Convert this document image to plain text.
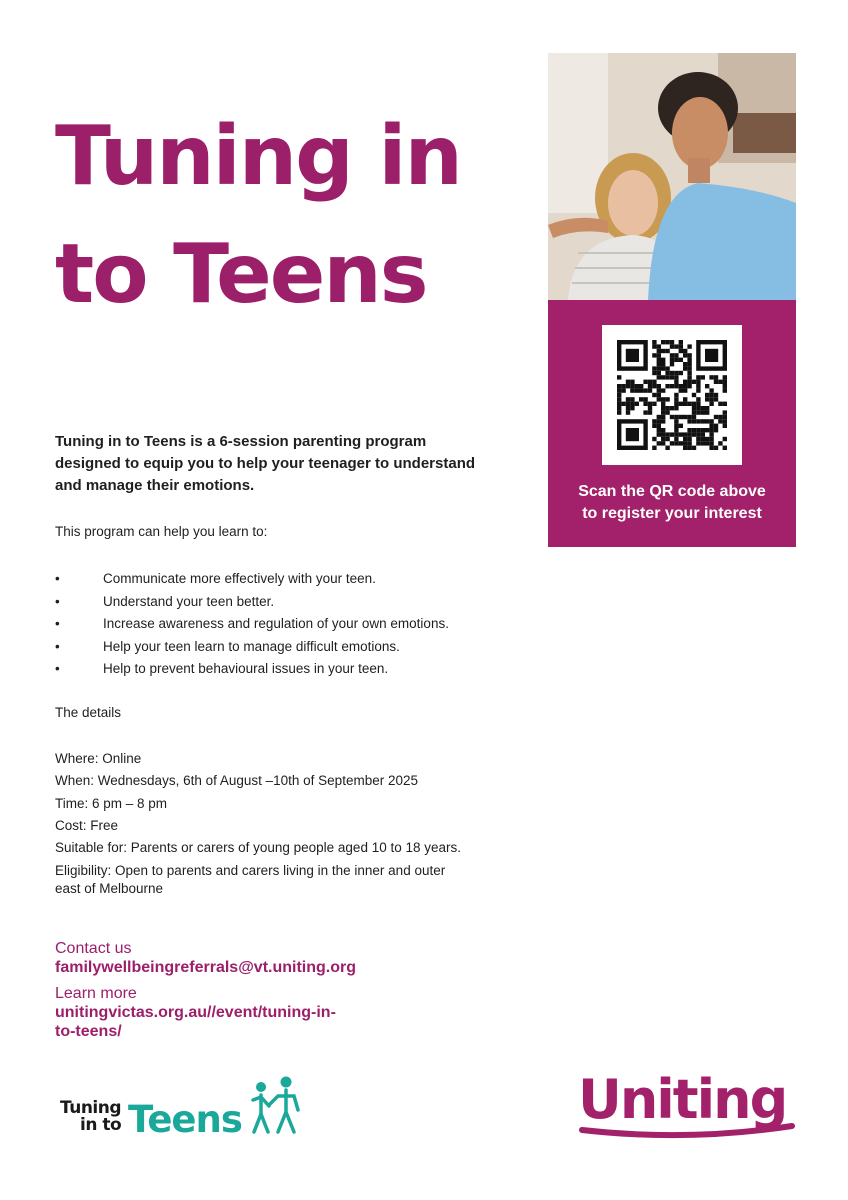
Tuning in
to Teens
Scan the QR code above
to register your interest

Tuning in to Teens is a 6-session parenting program designed to equip you to help your teenager to understand and manage their emotions.

This program can help you learn to:

•	Communicate more effectively with your teen.
•	Understand your teen better.
•	Increase awareness and regulation of your own emotions.
•	Help your teen learn to manage difficult emotions.
•	Help to prevent behavioural issues in your teen.

The details

Where: Online

When: Wednesdays, 6th of August –10th of September 2025

Time: 6 pm – 8 pm

Cost: Free

Suitable for: Parents or carers of young people aged 10 to 18 years.

Eligibility: Open to parents and carers living in the inner and outer
east of Melbourne

Contact us

familywellbeingreferrals@vt.uniting.org

Learn more

unitingvictas.org.au//event/tuning-in-
to-teens/

Tuning
in to Teens	Uniting
